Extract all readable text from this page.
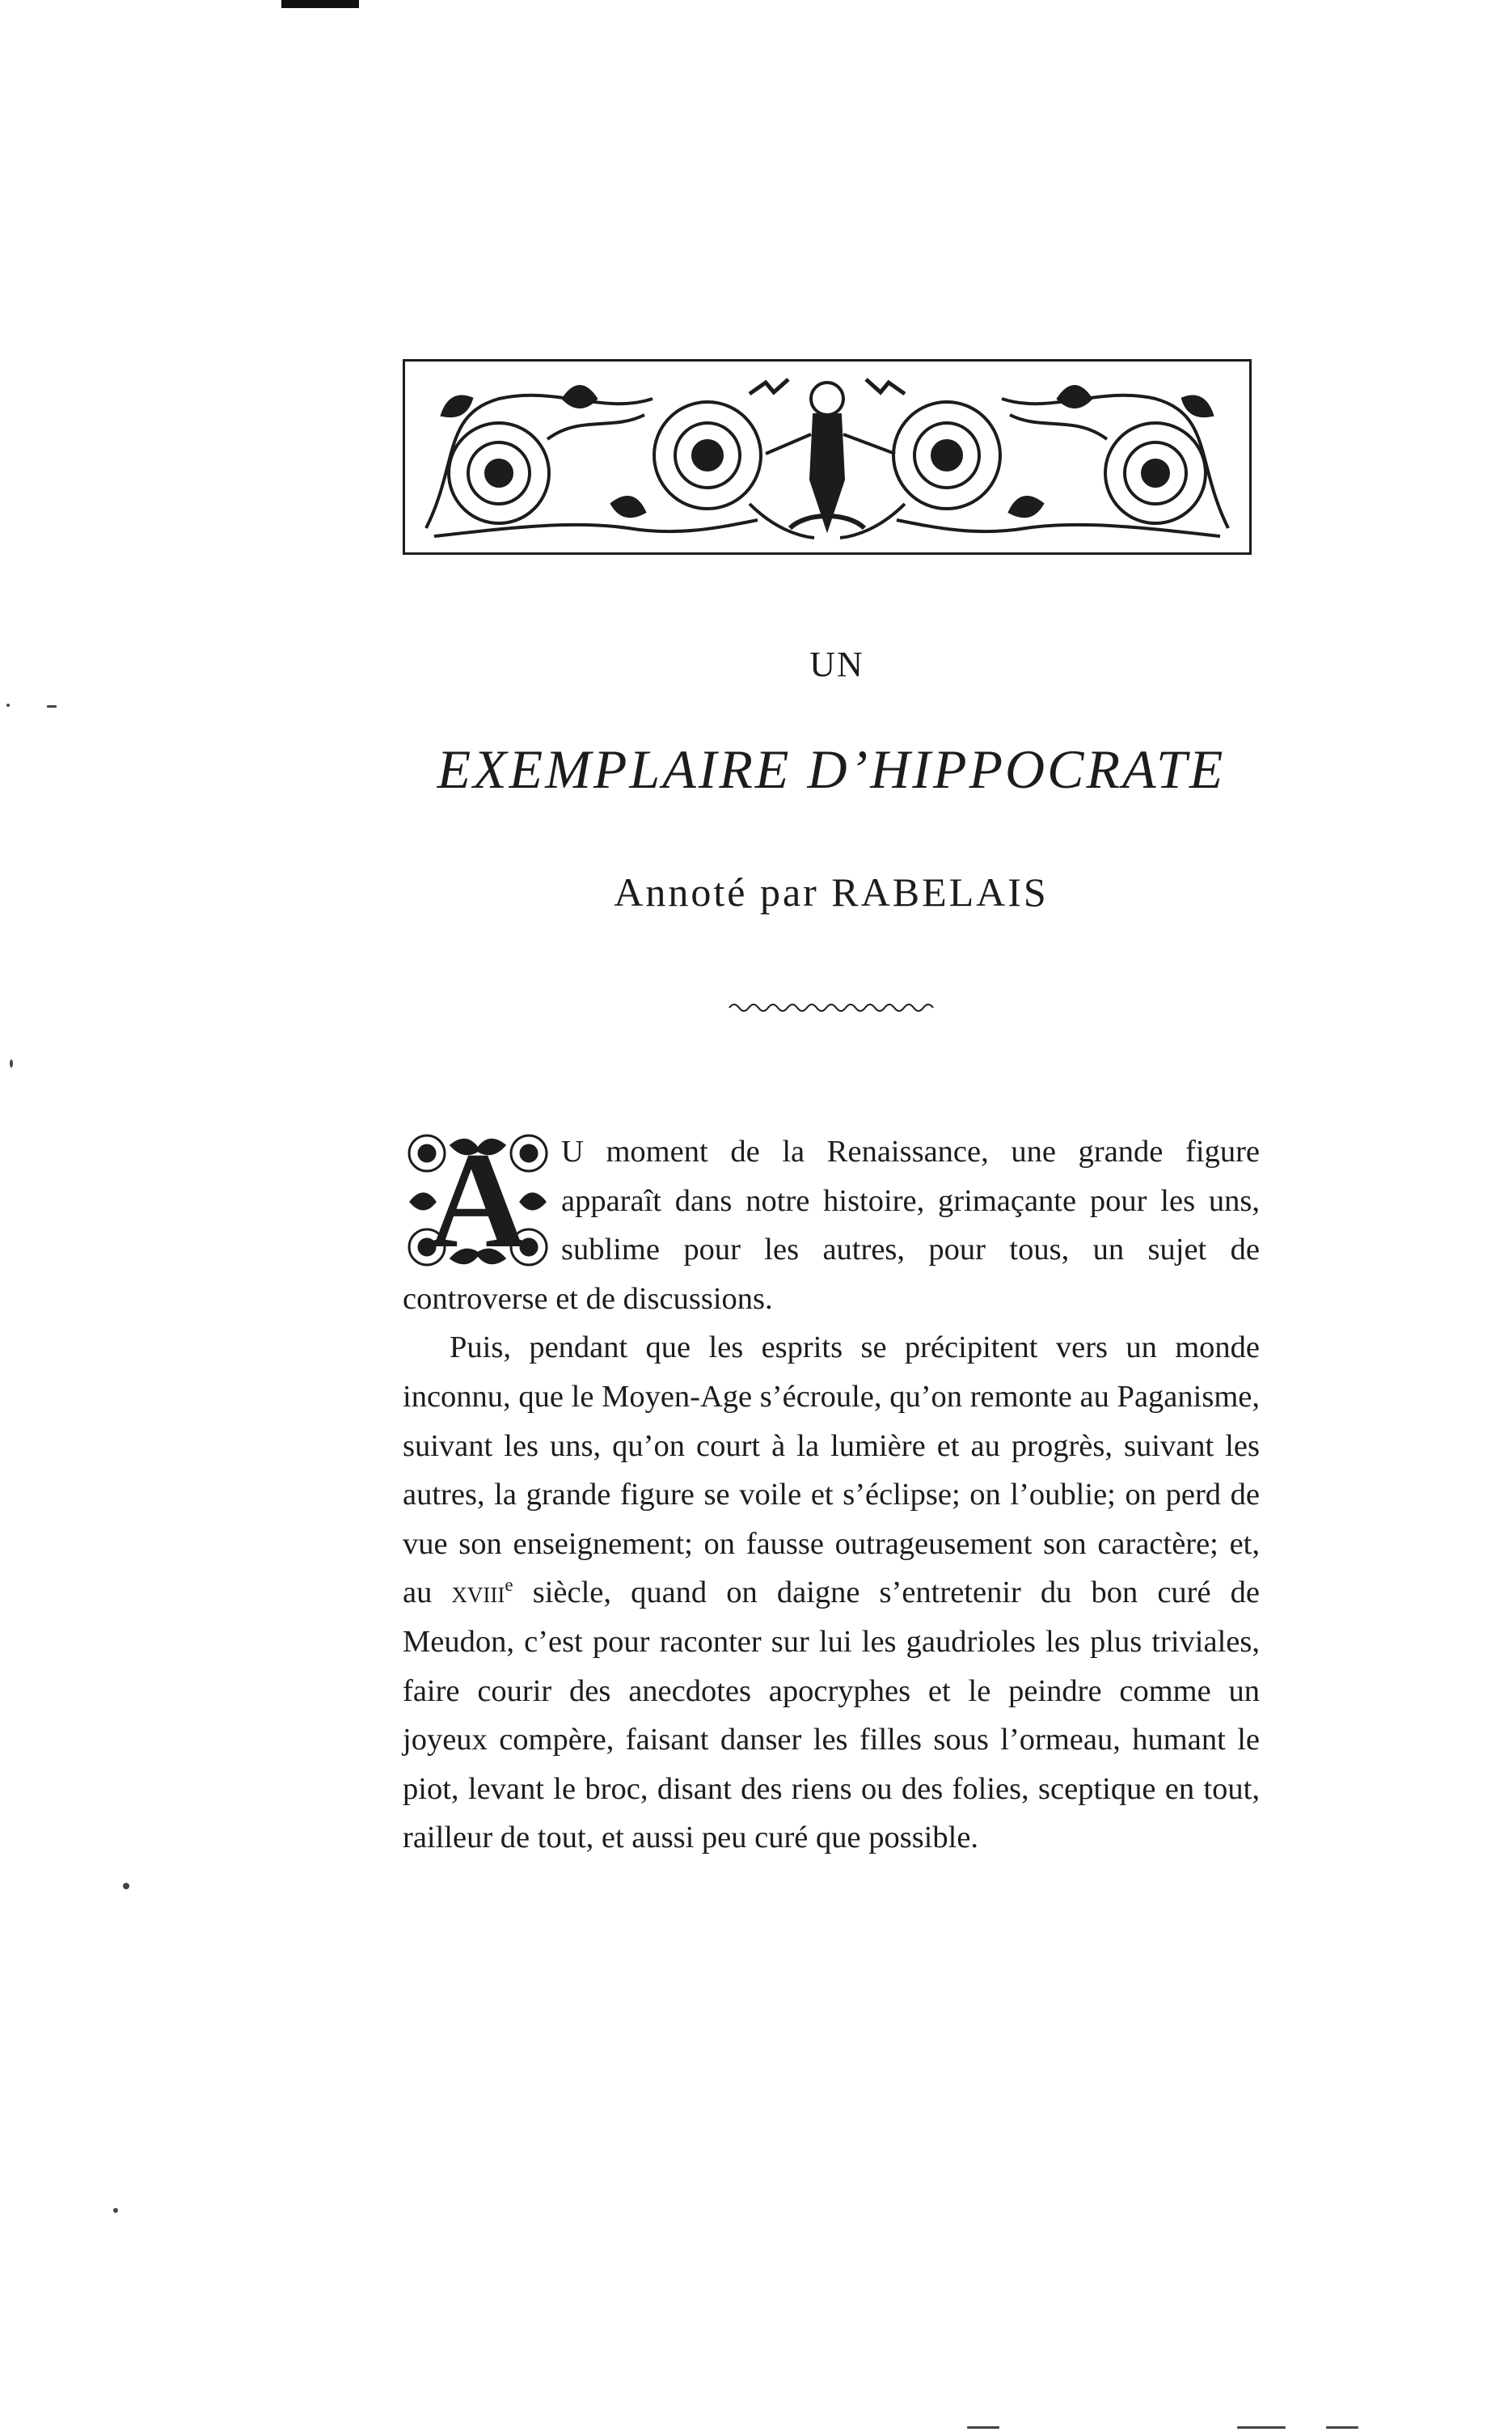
UN
EXEMPLAIRE D’HIPPOCRATE
Annoté par RABELAIS

A	U moment de la Renaissance, une grande figure apparaît dans notre histoire, grimaçante pour les uns, sublime pour les autres, pour tous, un sujet de controverse et de discussions.

Puis, pendant que les esprits se précipitent vers un monde inconnu, que le Moyen-Age s’écroule, qu’on remonte au Paganisme, suivant les uns, qu’on court à la lumière et au progrès, suivant les autres, la grande figure se voile et s’éclipse; on l’oublie; on perd de vue son enseignement; on fausse outrageusement son caractère; et, au xviii$^e$ siècle, quand on daigne s’entretenir du bon curé de Meudon, c’est pour raconter sur lui les gaudrioles les plus triviales, faire courir des anecdotes apocryphes et le peindre comme un joyeux compère, faisant danser les filles sous l’ormeau, humant le piot, levant le broc, disant des riens ou des folies, sceptique en tout, railleur de tout, et aussi peu curé que possible.
